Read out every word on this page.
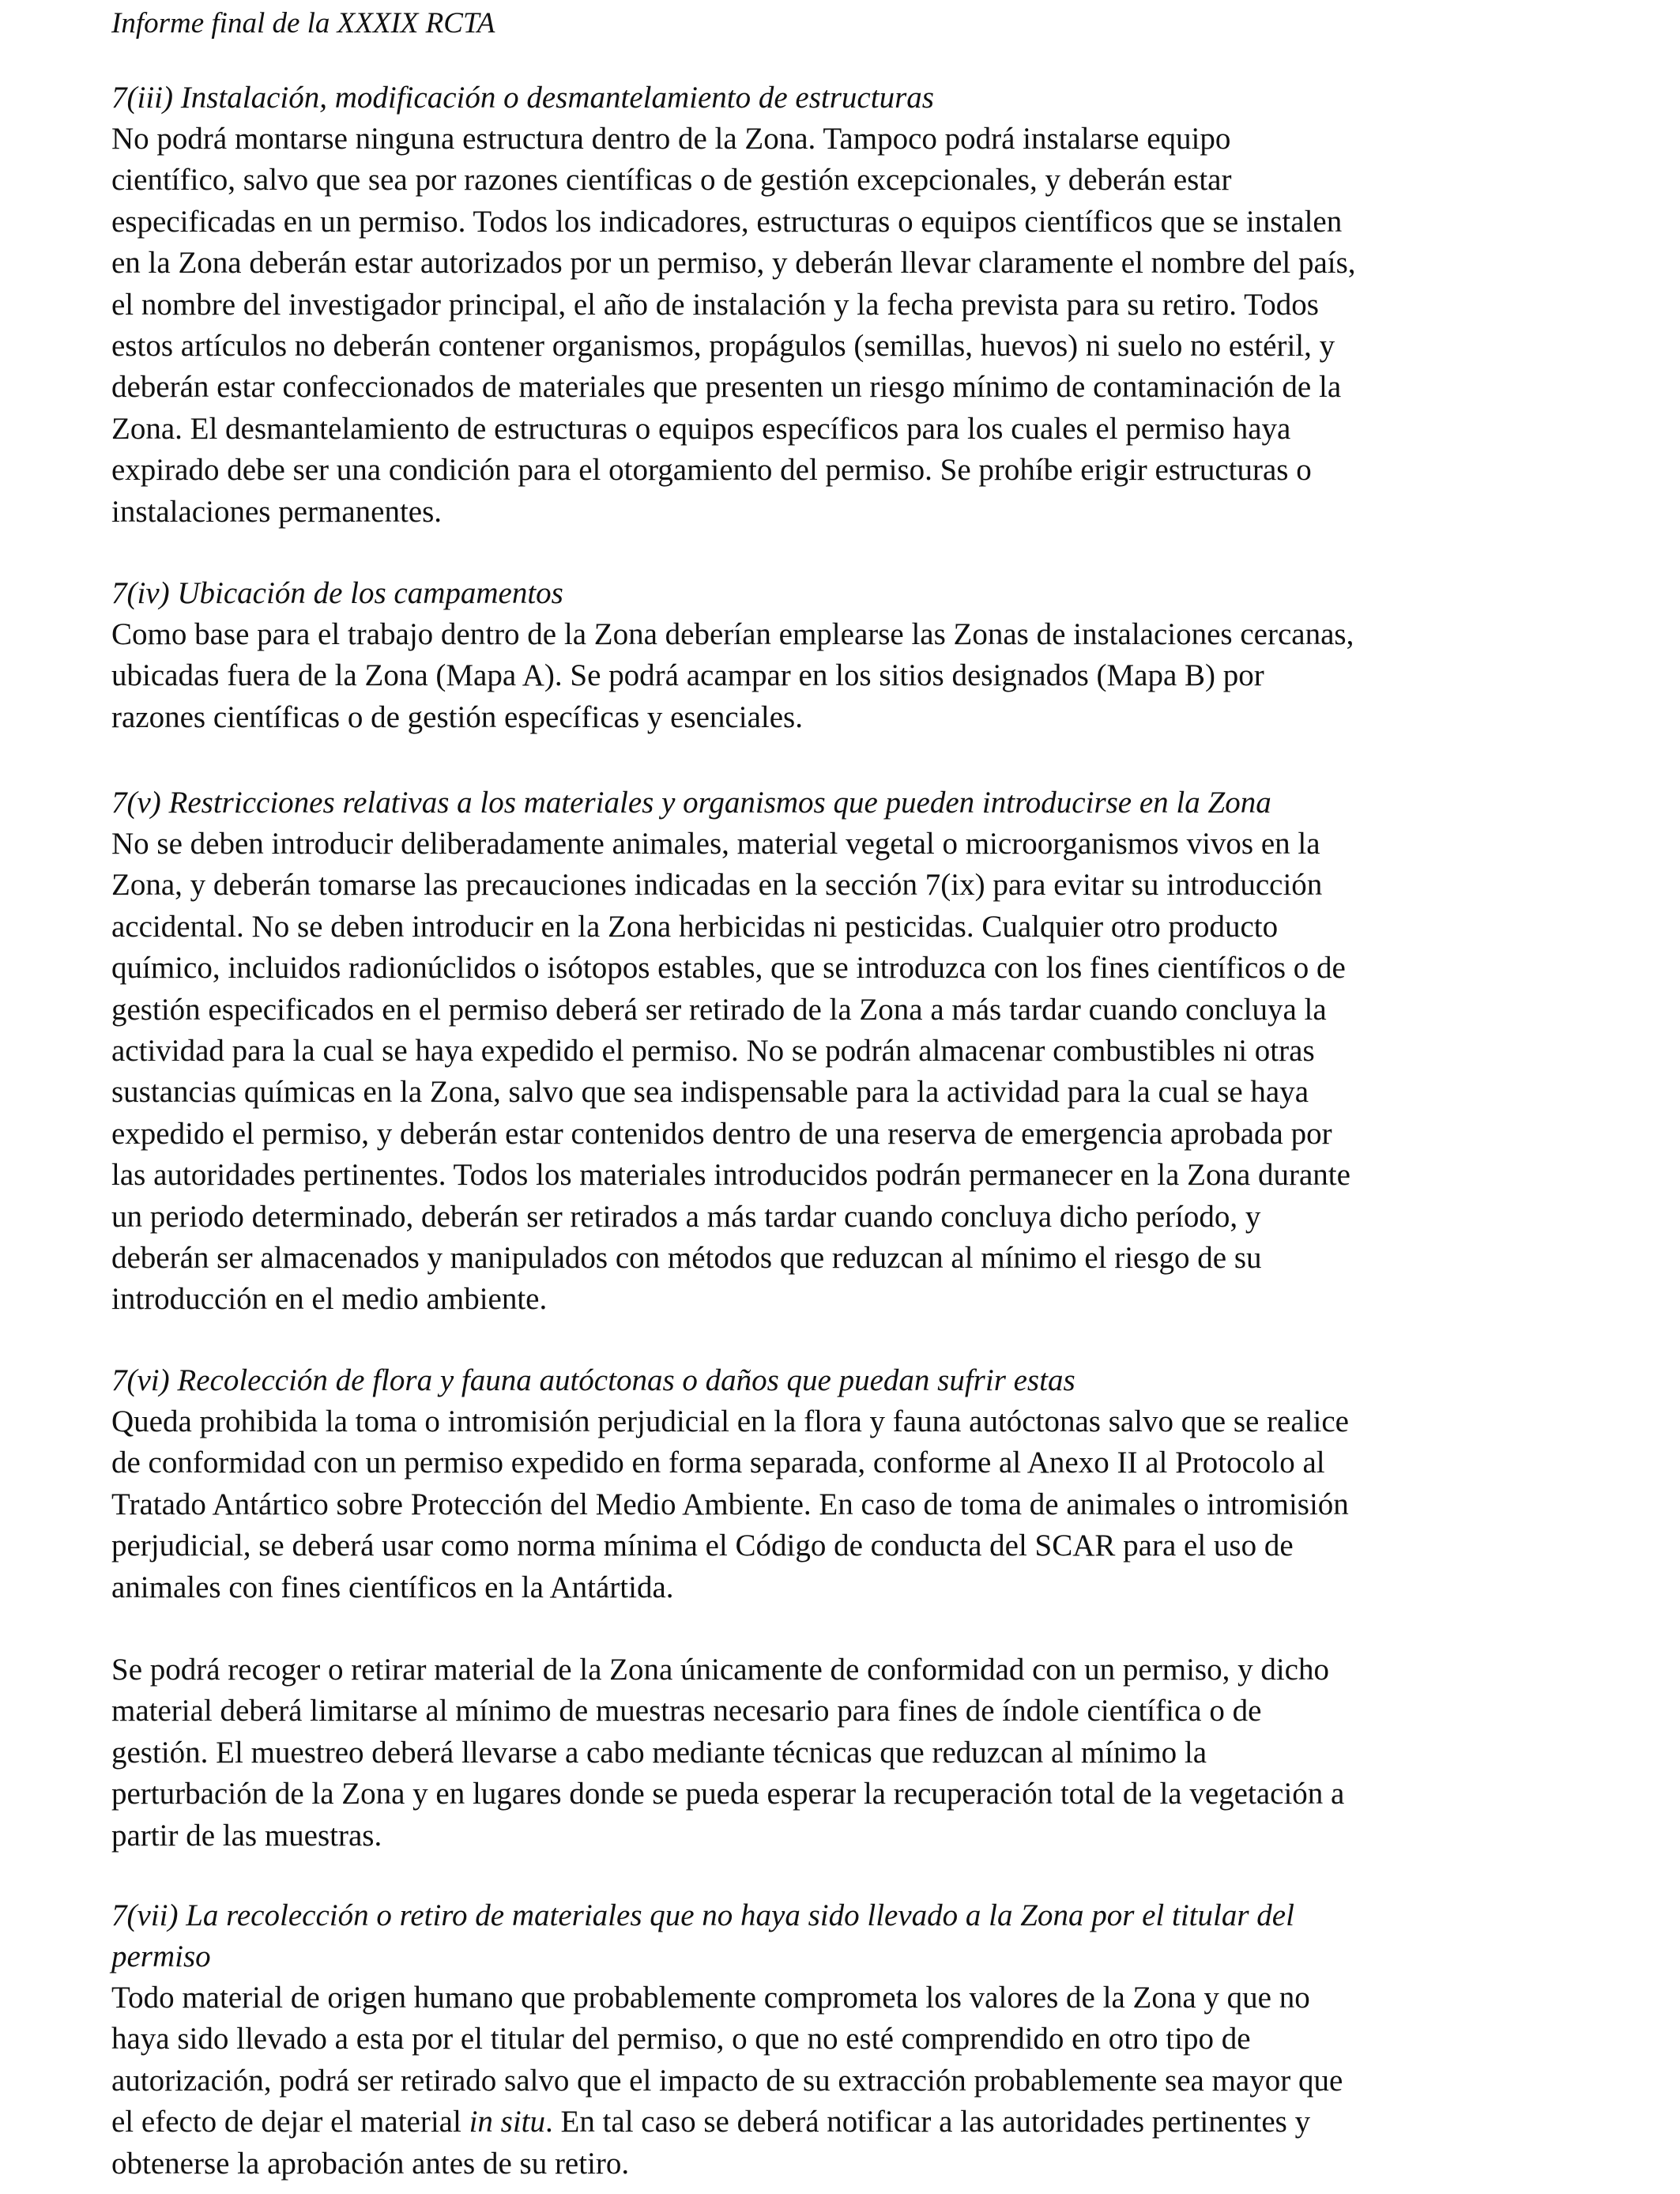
Informe final de la XXXIX RCTA

7(iii) Instalación, modificación o desmantelamiento de estructuras

No podrá montarse ninguna estructura dentro de la Zona. Tampoco podrá instalarse equipo
científico, salvo que sea por razones científicas o de gestión excepcionales, y deberán estar
especificadas en un permiso. Todos los indicadores, estructuras o equipos científicos que se instalen
en la Zona deberán estar autorizados por un permiso, y deberán llevar claramente el nombre del país,
el nombre del investigador principal, el año de instalación y la fecha prevista para su retiro. Todos
estos artículos no deberán contener organismos, propágulos (semillas, huevos) ni suelo no estéril, y
deberán estar confeccionados de materiales que presenten un riesgo mínimo de contaminación de la
Zona. El desmantelamiento de estructuras o equipos específicos para los cuales el permiso haya
expirado debe ser una condición para el otorgamiento del permiso. Se prohíbe erigir estructuras o
instalaciones permanentes.

7(iv) Ubicación de los campamentos

Como base para el trabajo dentro de la Zona deberían emplearse las Zonas de instalaciones cercanas,
ubicadas fuera de la Zona (Mapa A). Se podrá acampar en los sitios designados (Mapa B) por
razones científicas o de gestión específicas y esenciales.

7(v) Restricciones relativas a los materiales y organismos que pueden introducirse en la Zona

No se deben introducir deliberadamente animales, material vegetal o microorganismos vivos en la
Zona, y deberán tomarse las precauciones indicadas en la sección 7(ix) para evitar su introducción
accidental. No se deben introducir en la Zona herbicidas ni pesticidas. Cualquier otro producto
químico, incluidos radionúclidos o isótopos estables, que se introduzca con los fines científicos o de
gestión especificados en el permiso deberá ser retirado de la Zona a más tardar cuando concluya la
actividad para la cual se haya expedido el permiso. No se podrán almacenar combustibles ni otras
sustancias químicas en la Zona, salvo que sea indispensable para la actividad para la cual se haya
expedido el permiso, y deberán estar contenidos dentro de una reserva de emergencia aprobada por
las autoridades pertinentes. Todos los materiales introducidos podrán permanecer en la Zona durante
un periodo determinado, deberán ser retirados a más tardar cuando concluya dicho período, y
deberán ser almacenados y manipulados con métodos que reduzcan al mínimo el riesgo de su
introducción en el medio ambiente.

7(vi) Recolección de flora y fauna autóctonas o daños que puedan sufrir estas

Queda prohibida la toma o intromisión perjudicial en la flora y fauna autóctonas salvo que se realice
de conformidad con un permiso expedido en forma separada, conforme al Anexo II al Protocolo al
Tratado Antártico sobre Protección del Medio Ambiente. En caso de toma de animales o intromisión
perjudicial, se deberá usar como norma mínima el Código de conducta del SCAR para el uso de
animales con fines científicos en la Antártida.

Se podrá recoger o retirar material de la Zona únicamente de conformidad con un permiso, y dicho
material deberá limitarse al mínimo de muestras necesario para fines de índole científica o de
gestión. El muestreo deberá llevarse a cabo mediante técnicas que reduzcan al mínimo la
perturbación de la Zona y en lugares donde se pueda esperar la recuperación total de la vegetación a
partir de las muestras.

7(vii) La recolección o retiro de materiales que no haya sido llevado a la Zona por el titular del
permiso

Todo material de origen humano que probablemente comprometa los valores de la Zona y que no
haya sido llevado a esta por el titular del permiso, o que no esté comprendido en otro tipo de
autorización, podrá ser retirado salvo que el impacto de su extracción probablemente sea mayor que
el efecto de dejar el material in situ. En tal caso se deberá notificar a las autoridades pertinentes y
obtenerse la aprobación antes de su retiro.
